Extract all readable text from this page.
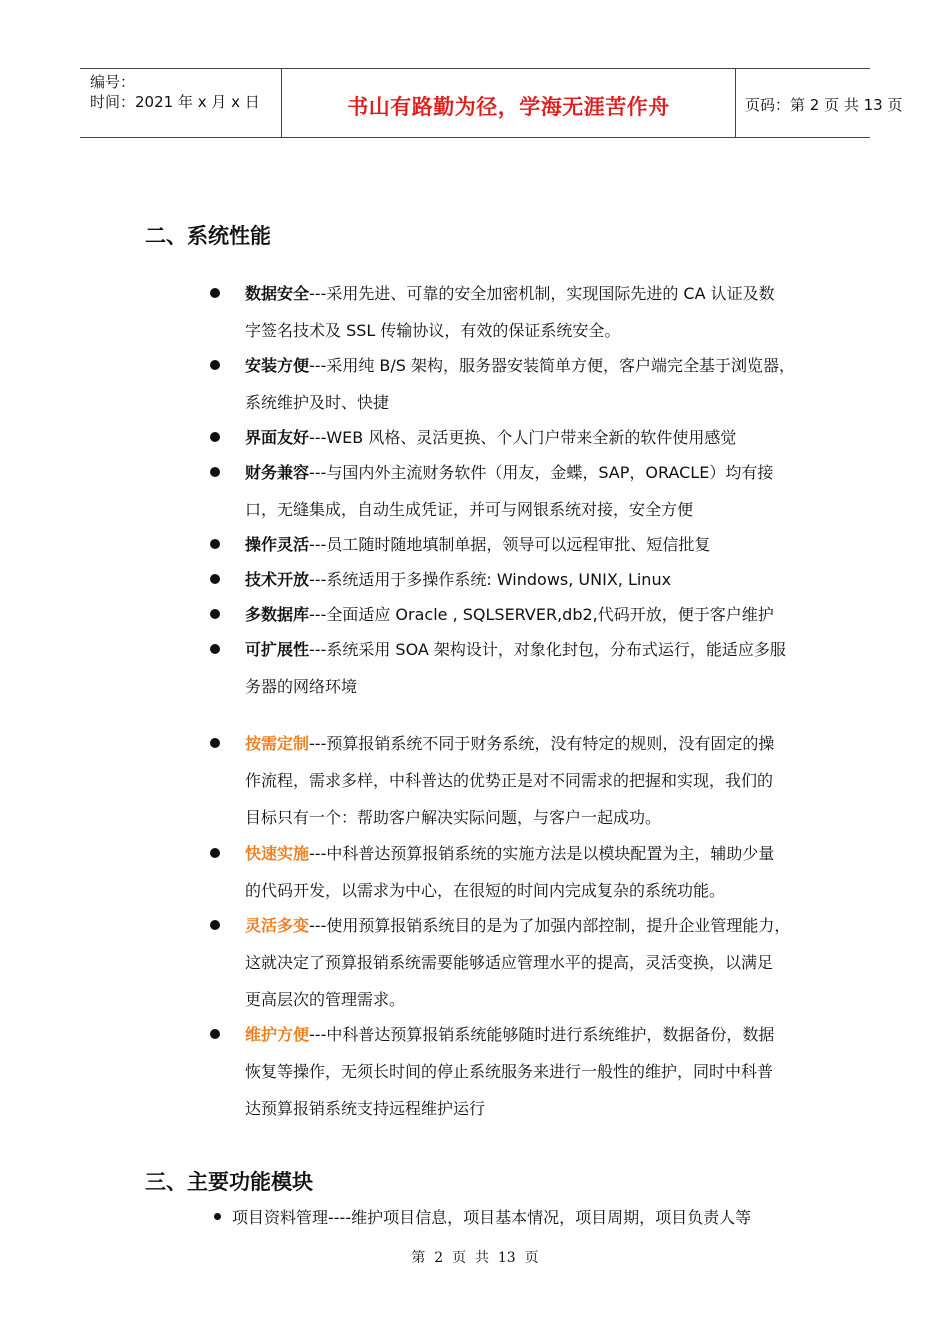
编号：
时间：2021 年 x 月 x 日	书山有路勤为径，学海无涯苦作舟	页码：第 2 页 共 13 页
二、系统性能

数据安全---采用先进、可靠的安全加密机制，实现国际先进的 CA 认证及数
字签名技术及 SSL 传输协议，有效的保证系统安全。

安装方便---采用纯 B/S 架构，服务器安装简单方便，客户端完全基于浏览器，
系统维护及时、快捷

界面友好---WEB 风格、灵活更换、个人门户带来全新的软件使用感觉

财务兼容---与国内外主流财务软件（用友，金蝶，SAP，ORACLE）均有接
口，无缝集成，自动生成凭证，并可与网银系统对接，安全方便

操作灵活---员工随时随地填制单据，领导可以远程审批、短信批复

技术开放---系统适用于多操作系统: Windows, UNIX, Linux

多数据库---全面适应 Oracle , SQLSERVER,db2,代码开放，便于客户维护

可扩展性---系统采用 SOA 架构设计，对象化封包，分布式运行，能适应多服
务器的网络环境

按需定制---预算报销系统不同于财务系统，没有特定的规则，没有固定的操
作流程，需求多样，中科普达的优势正是对不同需求的把握和实现，我们的
目标只有一个：帮助客户解决实际问题，与客户一起成功。

快速实施---中科普达预算报销系统的实施方法是以模块配置为主，辅助少量
的代码开发，以需求为中心，在很短的时间内完成复杂的系统功能。

灵活多变---使用预算报销系统目的是为了加强内部控制，提升企业管理能力，
这就决定了预算报销系统需要能够适应管理水平的提高，灵活变换，以满足
更高层次的管理需求。

维护方便---中科普达预算报销系统能够随时进行系统维护，数据备份，数据
恢复等操作，无须长时间的停止系统服务来进行一般性的维护，同时中科普
达预算报销系统支持远程维护运行

三、主要功能模块
项目资料管理----维护项目信息，项目基本情况，项目周期，项目负责人等
第  2  页  共  13  页
